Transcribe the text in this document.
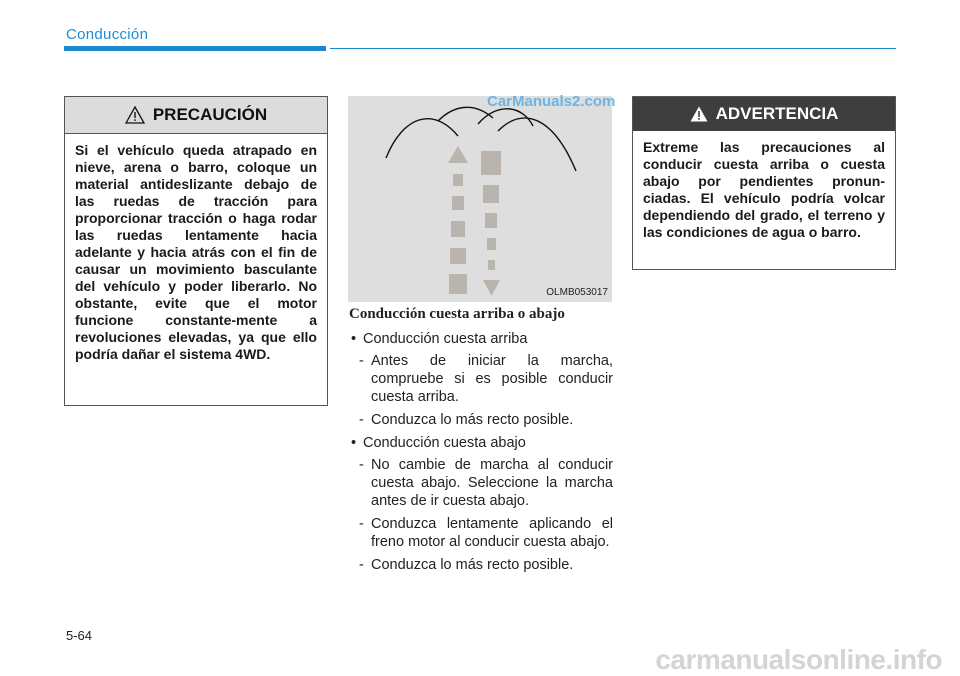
Conducción
PRECAUCIÓN
Si el vehículo queda atrapado en nieve, arena o barro, coloque un material antideslizante debajo de las ruedas de tracción para proporcionar tracción o haga rodar las ruedas lentamente hacia adelante y hacia atrás con el fin de causar un movimiento basculante del vehículo y poder liberarlo. No obstante, evite que el motor funcione constante-mente a revoluciones elevadas, ya que ello podría dañar el sistema 4WD.
OLMB053017
CarManuals2.com
Conducción cuesta arriba o abajo
• Conducción cuesta arriba
- Antes de iniciar la marcha, compruebe si es posible conducir cuesta arriba.
- Conduzca lo más recto posible.
• Conducción cuesta abajo
- No cambie de marcha al conducir cuesta abajo. Seleccione la marcha antes de ir cuesta abajo.
- Conduzca lentamente aplicando el freno motor al conducir cuesta abajo.
- Conduzca lo más recto posible.
ADVERTENCIA
Extreme las precauciones al conducir cuesta arriba o cuesta abajo por pendientes pronun-ciadas. El vehículo podría volcar dependiendo del grado, el terreno y las condiciones de agua o barro.
5-64
carmanualsonline.info
